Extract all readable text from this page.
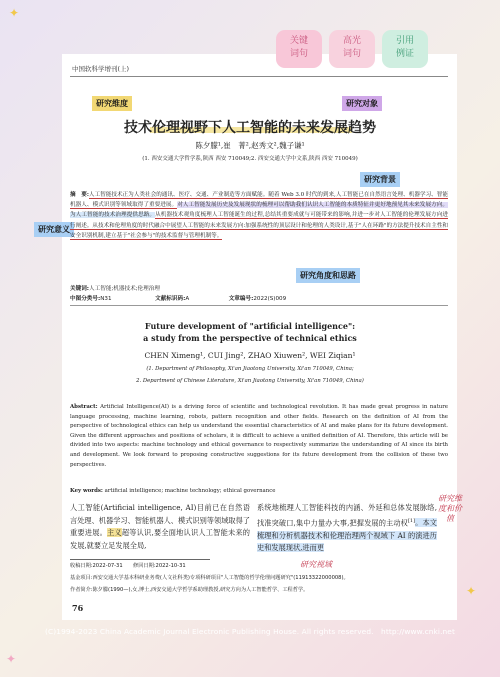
✦
✦
✦
中国软科学增刊(上)
关键
词句
高光
词句
引用
例证
研究维度	研究对象
研究背景
研究意义
研究角度和思路
技术伦理视野下人工智能的未来发展趋势
陈夕朦¹,崔　菁²,赵秀文²,魏子谦¹
(1. 西安交通大学哲学系,陕西 西安 710049;2. 西安交通大学中文系,陕西 西安 710049)
摘　要:人工智能技术正为人类社会的通讯、医疗、交通、产业制造等方面赋能。随着 Web 3.0 时代的到来,人工智能已在自然语言处理、机器学习、智能机器人、模式识别等领域取得了重要进展。对人工智能发展历史及发展现状的梳理可以帮助我们认识人工智能的本质特征并更好地预见其未来发展方向。为人工智能的技术治理提供思路。从机器技术观角度梳理人工智能诞生的过程,总结其重要成就与可能带来的影响,并进一步对人工智能的伦理发展方向进行阐述。从技术和伦理角度的时代融合中展望人工智能的未来发展方向:加强系统性的顶层设计和伦理的人类设计,基于"人在环路"的方法提升技术自主性和安全识别机制,建立基于"社会参与"的技术监督与管理机制等。
关键词:人工智能;机器技术;伦理治理
中图分类号:N31	文献标识码:A	文章编号:2022(S)009
Future development of "artificial intelligence":
a study from the perspective of technical ethics
CHEN Ximeng¹, CUI Jing², ZHAO Xiuwen², WEI Ziqian¹
(1. Department of Philosophy, Xi'an Jiaotong University, Xi'an 710049, China;
2. Department of Chinese Literature, Xi'an Jiaotong University, Xi'an 710049, China)
Abstract: Artificial Intelligence(AI) is a driving force of scientific and technological revolution. It has made great progress in nature language processing, machine learning, robots, pattern recognition and other fields. Research on the definition of AI from the perspective of technological ethics can help us understand the essential characteristics of AI and make plans for its future development. Given the different approaches and positions of scholars, it is difficult to achieve a unified definition of AI. Therefore, this article will be divided into two aspects: machine technology and ethical governance to respectively summarize the understanding of AI since its birth and development. We look forward to proposing constructive suggestions for its future development from the collision of these two perspectives.
Key words: artificial intelligence; machine technology; ethical governance
人工智能(Artificial intelligence, AI)目前已在自然语言处理、机器学习、智能机器人、模式识别等领域取得了重要进展。主义超等认识,要全面地认识人工智能未来的发展,就要立足发展全局,
系统地梳理人工智能科技的内涵、外延和总体发展脉络,找准突破口,集中力量办大事,把握发展的主动权[1]。本文梳理和分析机器技术和伦理治理两个视域下 AI 的演进历史和发展现状,进而更
研究维
度和价
值
研究视域
收稿日期:2022-07-31　　修回日期:2022-10-31
基金项目:西安交通大学基本科研业务费(人文社科类)专项科研项目"人工智能的哲学伦理问题研究"(11913322000008)。
作者简介:陈夕朦(1990—),女,博士,西安交通大学哲学系助理教授,研究方向为人工智能哲学、工程哲学。
76
(C)1994-2023 China Academic Journal Electronic Publishing House. All rights reserved.　http://www.cnki.net
